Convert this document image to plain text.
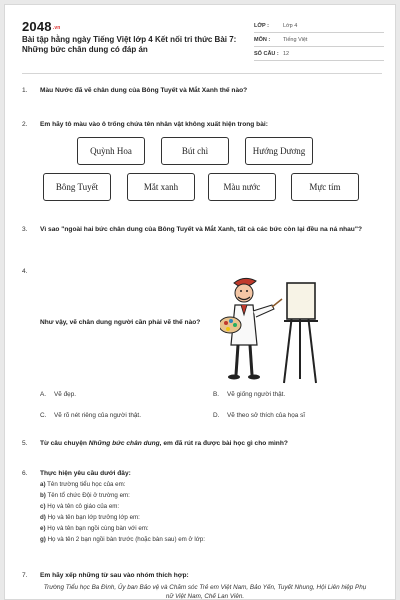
2048.vn
Bài tập hằng ngày Tiếng Việt lớp 4 Kết nối tri thức Bài 7: Những bức chân dung có đáp án
LỚP :	Lớp 4
MÔN :	Tiếng Việt
SỐ CÂU : 12
1. Màu Nước đã vẽ chân dung của Bông Tuyết và Mắt Xanh thế nào?
2. Em hãy tô màu vào ô trống chứa tên nhân vật không xuất hiện trong bài:
Quỳnh Hoa	Bút chì	Hướng Dương
Bông Tuyết	Mắt xanh	Màu nước	Mực tím
3. Vì sao "ngoài hai bức chân dung của Bông Tuyết và Mắt Xanh, tất cả các bức còn lại đều na ná nhau"?
4.
Như vậy, vẽ chân dung người cần phải vẽ thế nào?
A. Vẽ đẹp.	B. Vẽ giống người thật.
C. Vẽ rõ nét riêng của người thật.	D. Vẽ theo sở thích của họa sĩ
5. Từ câu chuyện Những bức chân dung, em đã rút ra được bài học gì cho mình?
6. Thực hiện yêu cầu dưới đây:
a) Tên trường tiểu học của em:
b) Tên tổ chức Đội ở trường em:
c) Họ và tên cô giáo của em:
d) Họ và tên bạn lớp trưởng lớp em:
e) Họ và tên bạn ngồi cùng bàn với em:
g) Họ và tên 2 bạn ngồi bàn trước (hoặc bàn sau) em ở lớp:
7. Em hãy xếp những từ sau vào nhóm thích hợp:
Trường Tiểu học Ba Đình, Ủy ban Bảo vệ và Chăm sóc Trẻ em Việt Nam, Bảo Yến, Tuyết Nhung, Hội Liên hiệp Phụ nữ Việt Nam, Chế Lan Viên.
